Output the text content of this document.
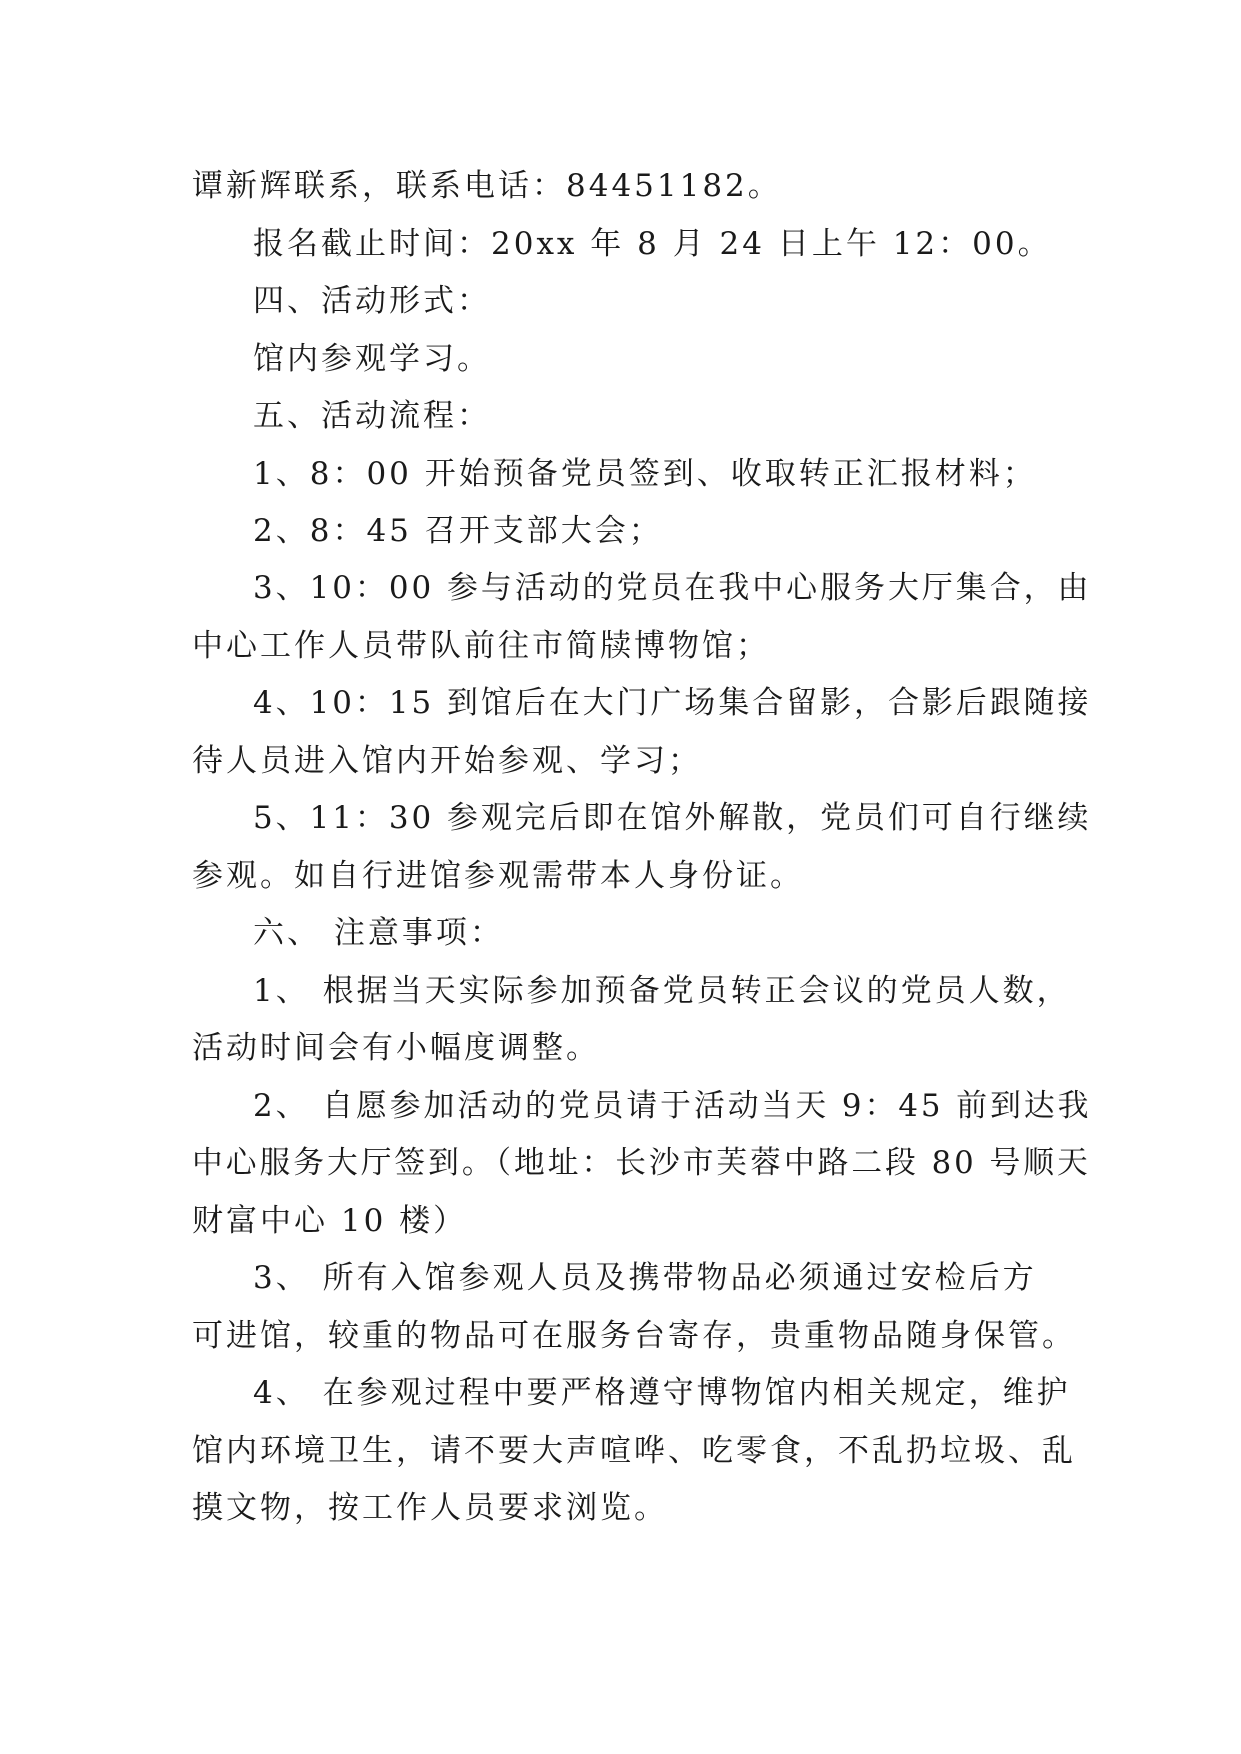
谭新辉联系，联系电话：84451182。
报名截止时间：20xx 年 8 月 24 日上午 12：00。
四、活动形式：
馆内参观学习。
五、活动流程：
1、8：00 开始预备党员签到、收取转正汇报材料；
2、8：45 召开支部大会；
3、10：00 参与活动的党员在我中心服务大厅集合，由
中心工作人员带队前往市简牍博物馆；
4、10：15 到馆后在大门广场集合留影，合影后跟随接
待人员进入馆内开始参观、学习；
5、11：30 参观完后即在馆外解散，党员们可自行继续
参观。如自行进馆参观需带本人身份证。
六、 注意事项：
1、 根据当天实际参加预备党员转正会议的党员人数，
活动时间会有小幅度调整。
2、 自愿参加活动的党员请于活动当天 9：45 前到达我
中心服务大厅签到。（地址：长沙市芙蓉中路二段 80 号顺天
财富中心 10 楼）
3、 所有入馆参观人员及携带物品必须通过安检后方
可进馆，较重的物品可在服务台寄存，贵重物品随身保管。
4、 在参观过程中要严格遵守博物馆内相关规定，维护
馆内环境卫生，请不要大声喧哗、吃零食，不乱扔垃圾、乱
摸文物，按工作人员要求浏览。
